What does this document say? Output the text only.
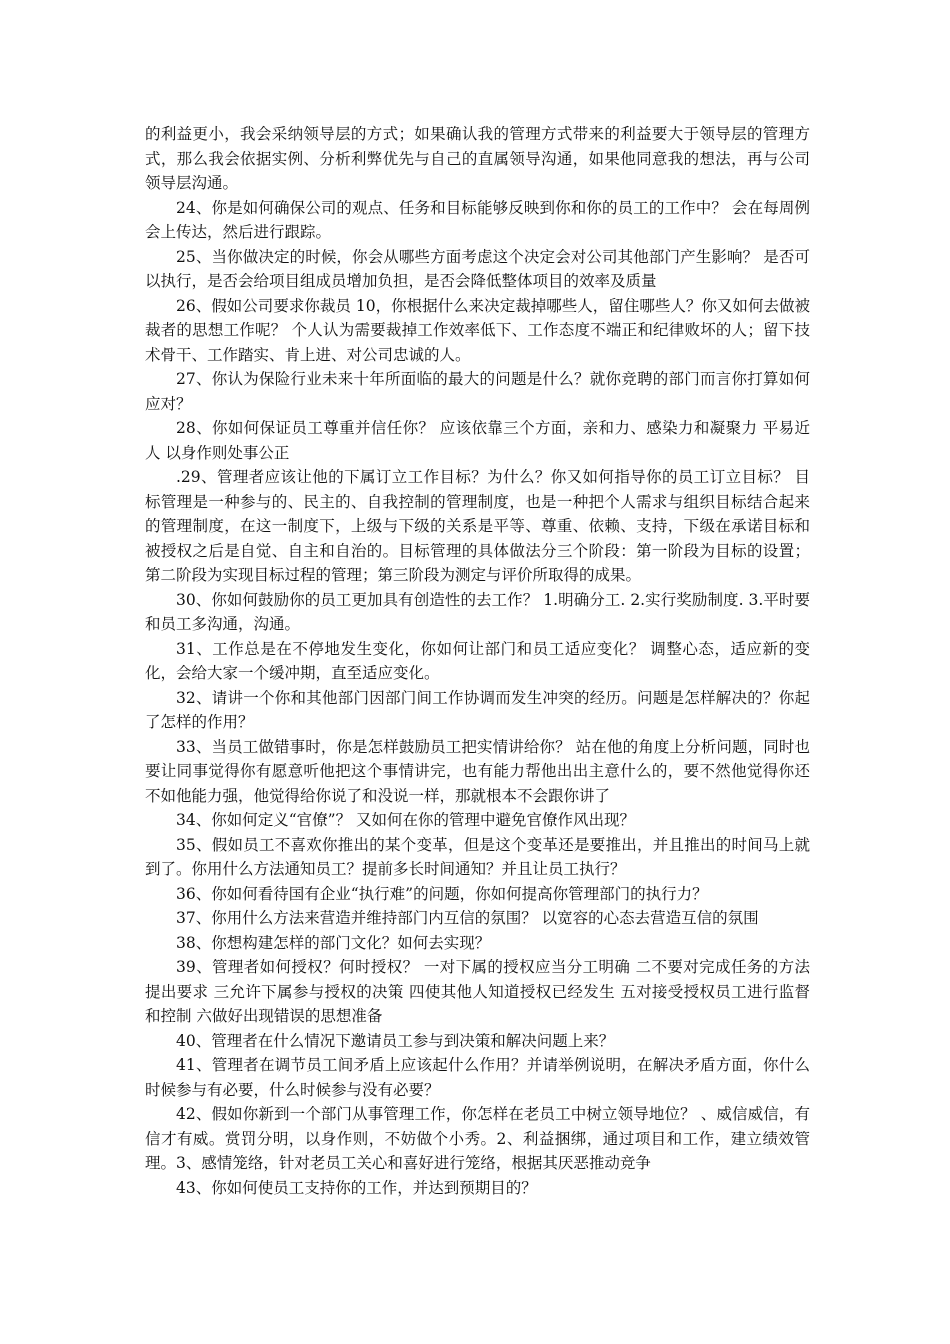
的利益更小，我会采纳领导层的方式；如果确认我的管理方式带来的利益要大于领导层的管理方式，那么我会依据实例、分析利弊优先与自己的直属领导沟通，如果他同意我的想法，再与公司领导层沟通。

24、你是如何确保公司的观点、任务和目标能够反映到你和你的员工的工作中？ 会在每周例会上传达，然后进行跟踪。

25、当你做决定的时候，你会从哪些方面考虑这个决定会对公司其他部门产生影响？ 是否可以执行，是否会给项目组成员增加负担，是否会降低整体项目的效率及质量

26、假如公司要求你裁员 10，你根据什么来决定裁掉哪些人，留住哪些人？你又如何去做被裁者的思想工作呢？ 个人认为需要裁掉工作效率低下、工作态度不端正和纪律败坏的人；留下技术骨干、工作踏实、肯上进、对公司忠诚的人。

27、你认为保险行业未来十年所面临的最大的问题是什么？就你竞聘的部门而言你打算如何应对？

28、你如何保证员工尊重并信任你？ 应该依靠三个方面，亲和力、感染力和凝聚力 平易近人 以身作则处事公正

.29、管理者应该让他的下属订立工作目标？为什么？你又如何指导你的员工订立目标？ 目标管理是一种参与的、民主的、自我控制的管理制度，也是一种把个人需求与组织目标结合起来的管理制度，在这一制度下，上级与下级的关系是平等、尊重、依赖、支持，下级在承诺目标和被授权之后是自觉、自主和自治的。目标管理的具体做法分三个阶段：第一阶段为目标的设置；第二阶段为实现目标过程的管理；第三阶段为测定与评价所取得的成果。

30、你如何鼓励你的员工更加具有创造性的去工作？ 1.明确分工. 2.实行奖励制度. 3.平时要和员工多沟通，沟通。

31、工作总是在不停地发生变化，你如何让部门和员工适应变化？ 调整心态，适应新的变化，会给大家一个缓冲期，直至适应变化。

32、请讲一个你和其他部门因部门间工作协调而发生冲突的经历。问题是怎样解决的？你起了怎样的作用？

33、当员工做错事时，你是怎样鼓励员工把实情讲给你？ 站在他的角度上分析问题，同时也要让同事觉得你有愿意听他把这个事情讲完，也有能力帮他出出主意什么的，要不然他觉得你还不如他能力强，他觉得给你说了和没说一样，那就根本不会跟你讲了

34、你如何定义“官僚”？ 又如何在你的管理中避免官僚作风出现？

35、假如员工不喜欢你推出的某个变革，但是这个变革还是要推出，并且推出的时间马上就到了。你用什么方法通知员工？提前多长时间通知？并且让员工执行？

36、你如何看待国有企业“执行难”的问题，你如何提高你管理部门的执行力？

37、你用什么方法来营造并维持部门内互信的氛围？ 以宽容的心态去营造互信的氛围

38、你想构建怎样的部门文化？如何去实现？

39、管理者如何授权？何时授权？ 一对下属的授权应当分工明确 二不要对完成任务的方法提出要求 三允许下属参与授权的决策 四使其他人知道授权已经发生 五对接受授权员工进行监督和控制 六做好出现错误的思想准备

40、管理者在什么情况下邀请员工参与到决策和解决问题上来？

41、管理者在调节员工间矛盾上应该起什么作用？并请举例说明，在解决矛盾方面，你什么时候参与有必要，什么时候参与没有必要？

42、假如你新到一个部门从事管理工作，你怎样在老员工中树立领导地位？ 、威信威信，有信才有威。赏罚分明，以身作则，不妨做个小秀。2、利益捆绑，通过项目和工作，建立绩效管理。3、感情笼络，针对老员工关心和喜好进行笼络，根据其厌恶推动竞争

43、你如何使员工支持你的工作，并达到预期目的？
